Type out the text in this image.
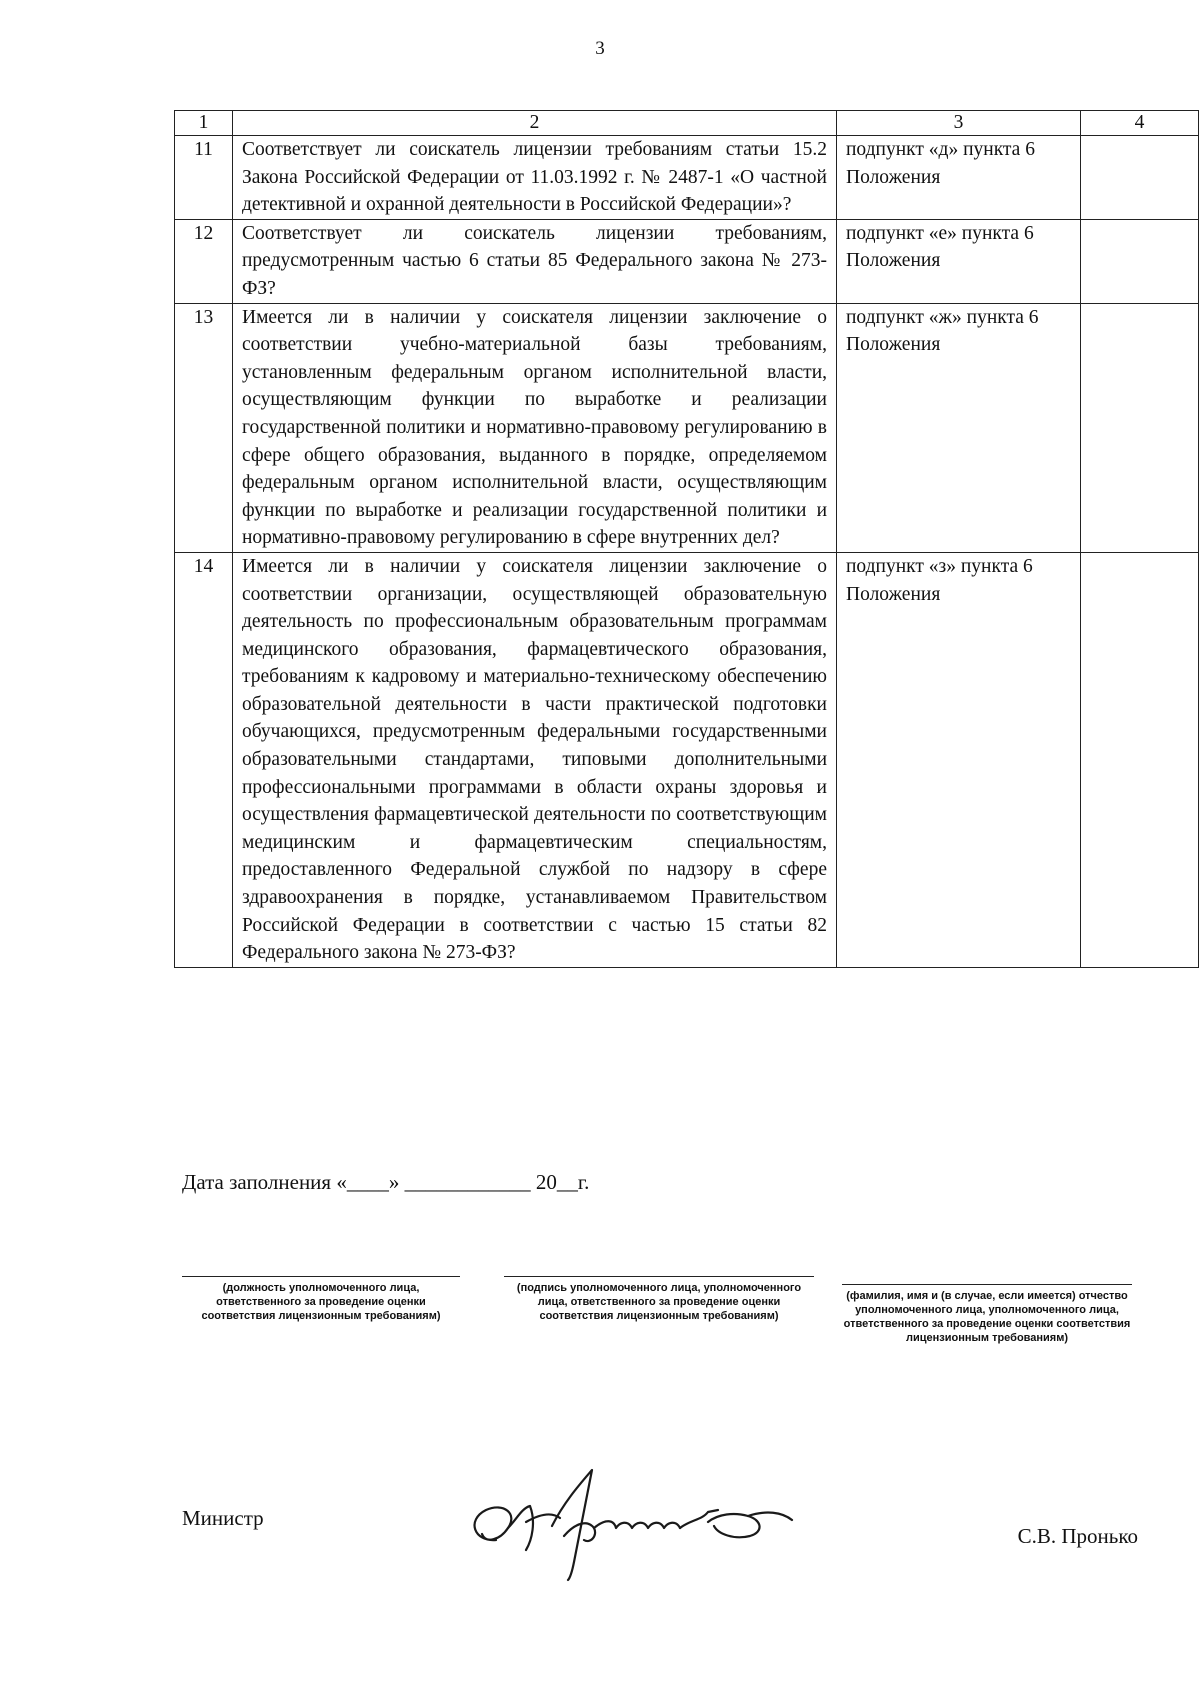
3
1	2	3	4
11	Соответствует ли соискатель лицензии требованиям статьи 15.2 Закона Российской Федерации от 11.03.1992 г. № 2487-1 «О частной детективной и охранной деятельности в Российской Федерации»?	подпункт «д» пункта 6 Положения	
12	Соответствует ли соискатель лицензии требованиям, предусмотренным частью 6 статьи 85 Федерального закона № 273-ФЗ?	подпункт «е» пункта 6 Положения	
13	Имеется ли в наличии у соискателя лицензии заключение о соответствии учебно-материальной базы требованиям, установленным федеральным органом исполнительной власти, осуществляющим функции по выработке и реализации государственной политики и нормативно-правовому регулированию в сфере общего образования, выданного в порядке, определяемом федеральным органом исполнительной власти, осуществляющим функции по выработке и реализации государственной политики и нормативно-правовому регулированию в сфере внутренних дел?	подпункт «ж» пункта 6 Положения	
14	Имеется ли в наличии у соискателя лицензии заключение о соответствии организации, осуществляющей образовательную деятельность по профессиональным образовательным программам медицинского образования, фармацевтического образования, требованиям к кадровому и материально-техническому обеспечению образовательной деятельности в части практической подготовки обучающихся, предусмотренным федеральными государственными образовательными стандартами, типовыми дополнительными профессиональными программами в области охраны здоровья и осуществления фармацевтической деятельности по соответствующим медицинским и фармацевтическим специальностям, предоставленного Федеральной службой по надзору в сфере здравоохранения в порядке, устанавливаемом Правительством Российской Федерации в соответствии с частью 15 статьи 82 Федерального закона № 273-ФЗ?	подпункт «з» пункта 6 Положения	
Дата заполнения «____» ____________ 20__г.
(должность уполномоченного лица, ответственного за проведение оценки соответствия лицензионным требованиям)
(подпись уполномоченного лица, уполномоченного лица, ответственного за проведение оценки соответствия лицензионным требованиям)
(фамилия, имя и (в случае, если имеется) отчество уполномоченного лица, уполномоченного лица, ответственного за проведение оценки соответствия лицензионным требованиям)
Министр
С.В. Пронько
